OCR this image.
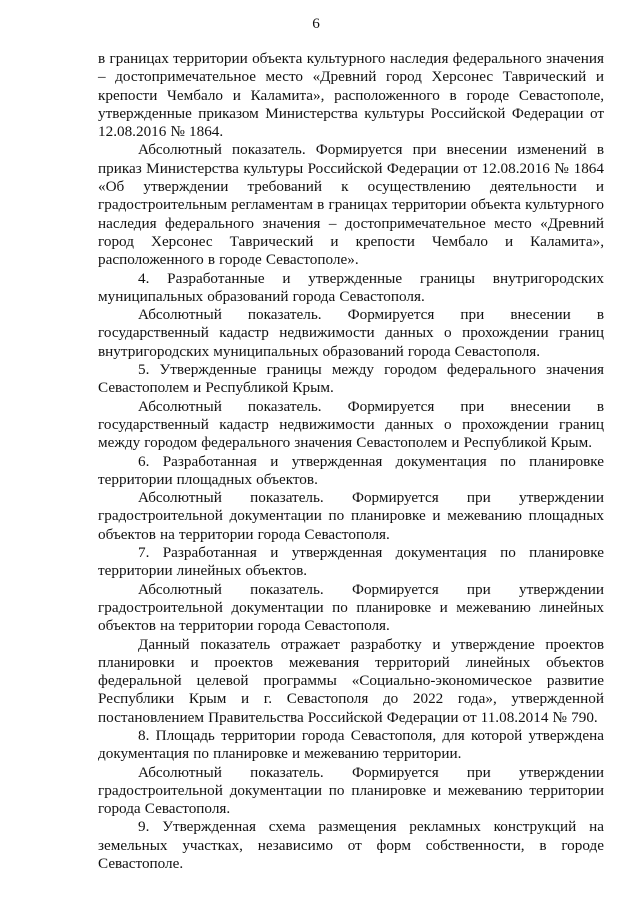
6

в границах территории объекта культурного наследия федерального значения – достопримечательное место «Древний город Херсонес Таврический и крепости Чембало и Каламита», расположенного в городе Севастополе, утвержденные приказом Министерства культуры Российской Федерации от 12.08.2016 № 1864.

Абсолютный показатель. Формируется при внесении изменений в приказ Министерства культуры Российской Федерации от 12.08.2016 № 1864 «Об утверждении требований к осуществлению деятельности и градостроительным регламентам в границах территории объекта культурного наследия федерального значения – достопримечательное место «Древний город Херсонес Таврический и крепости Чембало и Каламита», расположенного в городе Севастополе».

4. Разработанные и утвержденные границы внутригородских муниципальных образований города Севастополя.

Абсолютный показатель. Формируется при внесении в государственный кадастр недвижимости данных о прохождении границ внутригородских муниципальных образований города Севастополя.

5. Утвержденные границы между городом федерального значения Севастополем и Республикой Крым.

Абсолютный показатель. Формируется при внесении в государственный кадастр недвижимости данных о прохождении границ между городом федерального значения Севастополем и Республикой Крым.

6. Разработанная и утвержденная документация по планировке территории площадных объектов.

Абсолютный показатель. Формируется при утверждении градостроительной документации по планировке и межеванию площадных объектов на территории города Севастополя.

7. Разработанная и утвержденная документация по планировке территории линейных объектов.

Абсолютный показатель. Формируется при утверждении градостроительной документации по планировке и межеванию линейных объектов на территории города Севастополя.

Данный показатель отражает разработку и утверждение проектов планировки и проектов межевания территорий линейных объектов федеральной целевой программы «Социально-экономическое развитие Республики Крым и г. Севастополя до 2022 года», утвержденной постановлением Правительства Российской Федерации от 11.08.2014 № 790.

8. Площадь территории города Севастополя, для которой утверждена документация по планировке и межеванию территории.

Абсолютный показатель. Формируется при утверждении градостроительной документации по планировке и межеванию территории города Севастополя.

9. Утвержденная схема размещения рекламных конструкций на земельных участках, независимо от форм собственности, в городе Севастополе.
